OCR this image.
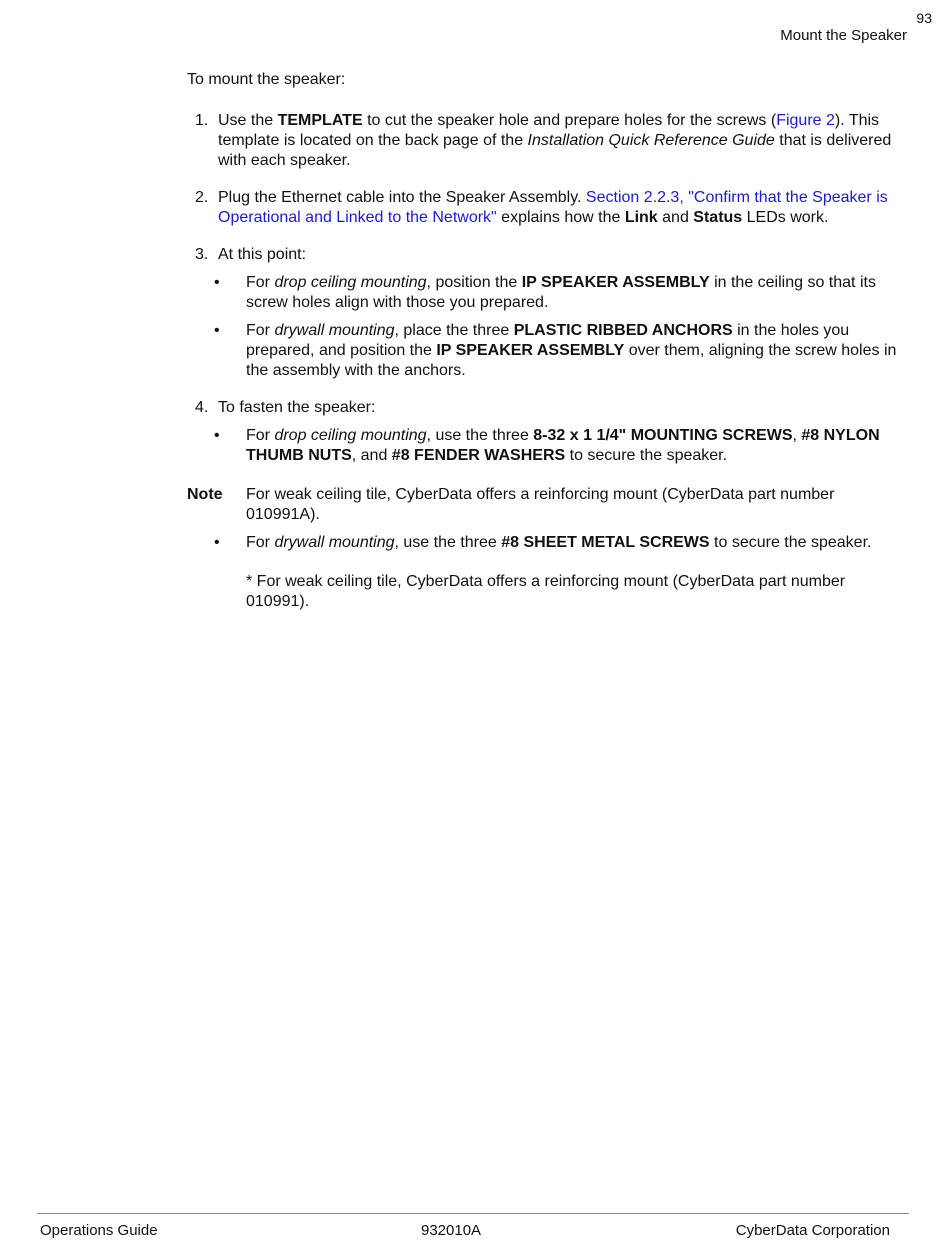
93
Mount the Speaker

To mount the speaker:

1. Use the TEMPLATE to cut the speaker hole and prepare holes for the screws (Figure 2). This template is located on the back page of the Installation Quick Reference Guide that is delivered with each speaker.
2. Plug the Ethernet cable into the Speaker Assembly. Section 2.2.3, "Confirm that the Speaker is Operational and Linked to the Network" explains how the Link and Status LEDs work.
3. At this point:
• For drop ceiling mounting, position the IP SPEAKER ASSEMBLY in the ceiling so that its screw holes align with those you prepared.
• For drywall mounting, place the three PLASTIC RIBBED ANCHORS in the holes you prepared, and position the IP SPEAKER ASSEMBLY over them, aligning the screw holes in the assembly with the anchors.
4. To fasten the speaker:
• For drop ceiling mounting, use the three 8-32 x 1 1/4" MOUNTING SCREWS, #8 NYLON THUMB NUTS, and #8 FENDER WASHERS to secure the speaker.
Note For weak ceiling tile, CyberData offers a reinforcing mount (CyberData part number 010991A).
• For drywall mounting, use the three #8 SHEET METAL SCREWS to secure the speaker.
* For weak ceiling tile, CyberData offers a reinforcing mount (CyberData part number 010991).
Operations Guide	932010A	CyberData Corporation
